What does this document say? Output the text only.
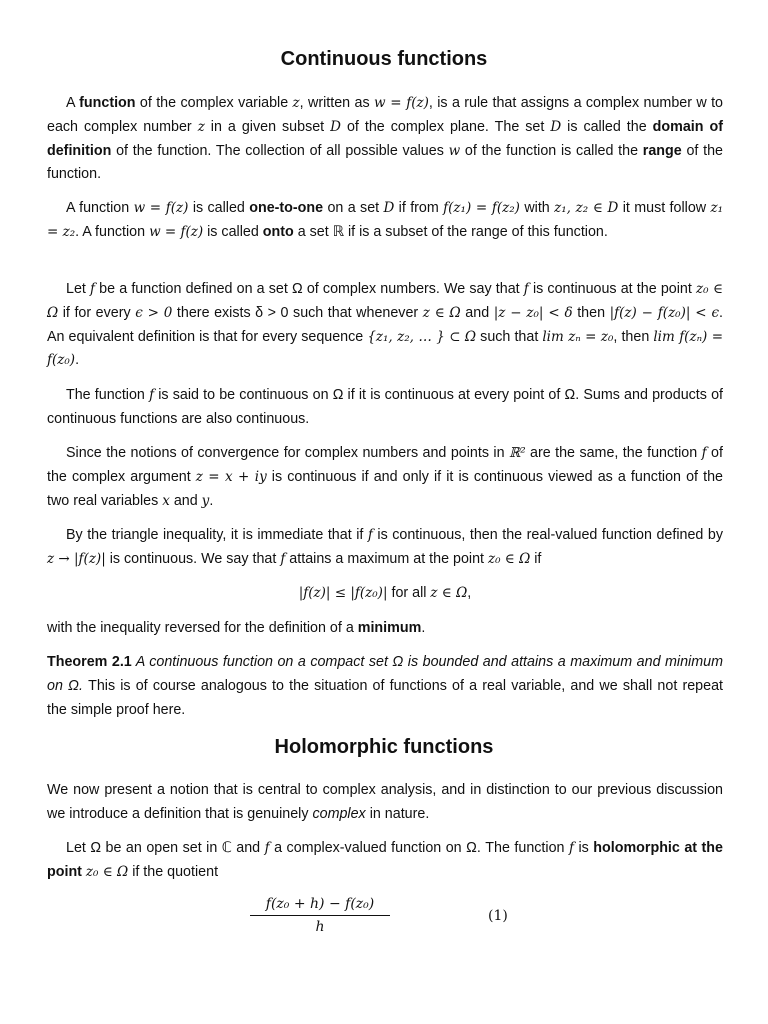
Continuous functions
Holomorphic functions
A function of the complex variable z, written as w = f(z), is a rule that assigns a complex number w to each complex number z in a given subset D of the complex plane. The set D is called the domain of definition of the function. The collection of all possible values w of the function is called the range of the function.
A function w = f(z) is called one-to-one on a set D if from f(z₁) = f(z₂) with z₁, z₂ ∈ D it must follow z₁ = z₂. A function w = f(z) is called onto a set ℝ if is a subset of the range of this function.
Let f be a function defined on a set Ω of complex numbers. We say that f is continuous at the point z₀ ∈ Ω if for every ϵ > 0 there exists δ > 0 such that whenever z ∈ Ω and |z − z₀| < δ then |f(z) − f(z₀)| < ϵ. An equivalent definition is that for every sequence {z₁, z₂, … } ⊂ Ω such that lim zₙ = z₀, then lim f(zₙ) = f(z₀).
The function f is said to be continuous on Ω if it is continuous at every point of Ω. Sums and products of continuous functions are also continuous.
Since the notions of convergence for complex numbers and points in ℝ² are the same, the function f of the complex argument z = x + iy is continuous if and only if it is continuous viewed as a function of the two real variables x and y.
By the triangle inequality, it is immediate that if f is continuous, then the real-valued function defined by z → |f(z)| is continuous. We say that f attains a maximum at the point z₀ ∈ Ω if
|f(z)| ≤ |f(z₀)| for all z ∈ Ω,
with the inequality reversed for the definition of a minimum.
Theorem 2.1 A continuous function on a compact set Ω is bounded and attains a maximum and minimum on Ω. This is of course analogous to the situation of functions of a real variable, and we shall not repeat the simple proof here.
We now present a notion that is central to complex analysis, and in distinction to our previous discussion we introduce a definition that is genuinely complex in nature.
Let Ω be an open set in ℂ and f a complex-valued function on Ω. The function f is holomorphic at the point z₀ ∈ Ω if the quotient
$\frac{\text{f(z₀ + h) − f(z₀)}}{h}$	(1)
